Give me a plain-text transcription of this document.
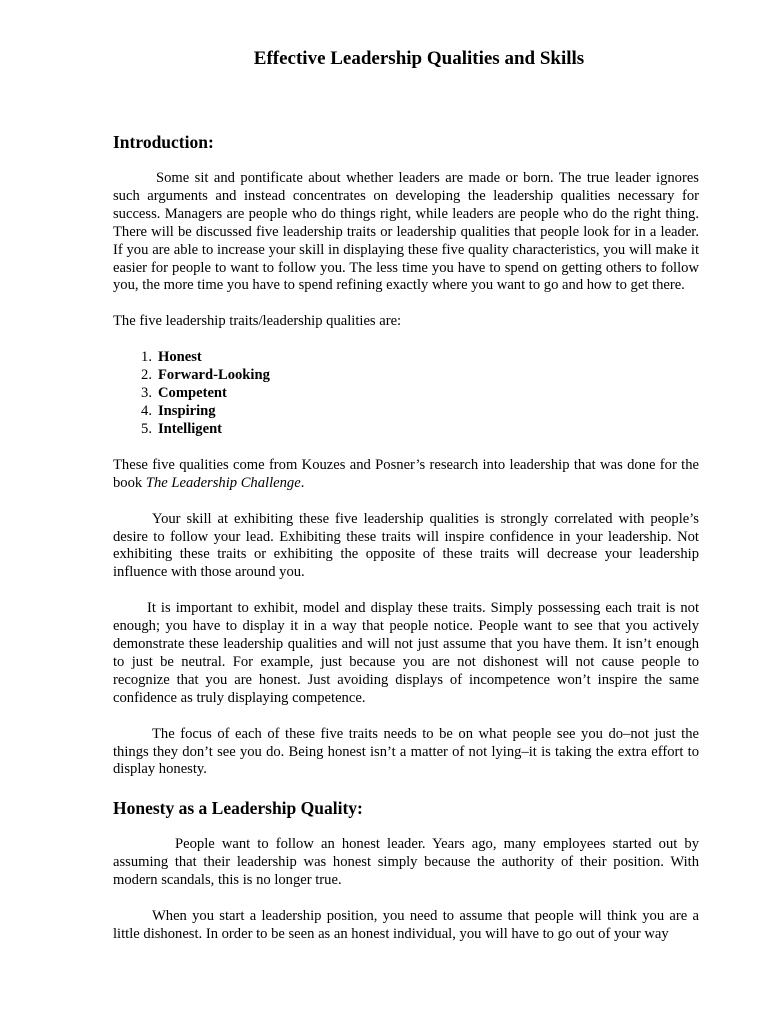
Effective Leadership Qualities and Skills
Introduction:

Some sit and pontificate about whether leaders are made or born. The true leader ignores such arguments and instead concentrates on developing the leadership qualities necessary for success. Managers are people who do things right, while leaders are people who do the right thing. There will be discussed five leadership traits or leadership qualities that people look for in a leader. If you are able to increase your skill in displaying these five quality characteristics, you will make it easier for people to want to follow you. The less time you have to spend on getting others to follow you, the more time you have to spend refining exactly where you want to go and how to get there.

The five leadership traits/leadership qualities are:

1. Honest
2. Forward-Looking
3. Competent
4. Inspiring
5. Intelligent

These five qualities come from Kouzes and Posner’s research into leadership that was done for the book The Leadership Challenge.

Your skill at exhibiting these five leadership qualities is strongly correlated with people’s desire to follow your lead. Exhibiting these traits will inspire confidence in your leadership. Not exhibiting these traits or exhibiting the opposite of these traits will decrease your leadership influence with those around you.

It is important to exhibit, model and display these traits. Simply possessing each trait is not enough; you have to display it in a way that people notice. People want to see that you actively demonstrate these leadership qualities and will not just assume that you have them. It isn’t enough to just be neutral. For example, just because you are not dishonest will not cause people to recognize that you are honest. Just avoiding displays of incompetence won’t inspire the same confidence as truly displaying competence.

The focus of each of these five traits needs to be on what people see you do–not just the things they don’t see you do. Being honest isn’t a matter of not lying–it is taking the extra effort to display honesty.

Honesty as a Leadership Quality:

People want to follow an honest leader. Years ago, many employees started out by assuming that their leadership was honest simply because the authority of their position. With modern scandals, this is no longer true.

When you start a leadership position, you need to assume that people will think you are a little dishonest. In order to be seen as an honest individual, you will have to go out of your way
